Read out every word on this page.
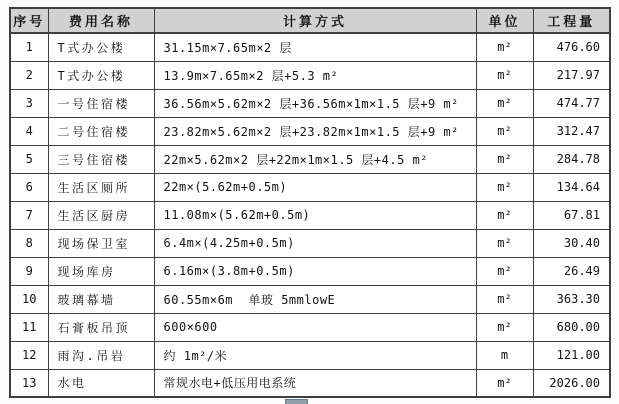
序号	费用名称	计算方式	单位	工程量
1	T式办公楼	31.15m×7.65m×2 层	m²	476.60
2	T式办公楼	13.9m×7.65m×2 层+5.3 m²	m²	217.97
3	一号住宿楼	36.56m×5.62m×2 层+36.56m×1m×1.5 层+9 m²	m²	474.77
4	二号住宿楼	23.82m×5.62m×2 层+23.82m×1m×1.5 层+9 m²	m²	312.47
5	三号住宿楼	22m×5.62m×2 层+22m×1m×1.5 层+4.5 m²	m²	284.78
6	生活区厕所	22m×(5.62m+0.5m)	m²	134.64
7	生活区厨房	11.08m×(5.62m+0.5m)	m²	67.81
8	现场保卫室	6.4m×(4.25m+0.5m)	m²	30.40
9	现场库房	6.16m×(3.8m+0.5m)	m²	26.49
10	玻璃幕墙	60.55m×6m  单玻 5mmlowE	m²	363.30
11	石膏板吊顶	600×600	m²	680.00
12	雨沟.吊岩	约 1m²/米	m	121.00
13	水电	常规水电+低压用电系统	m²	2026.00
